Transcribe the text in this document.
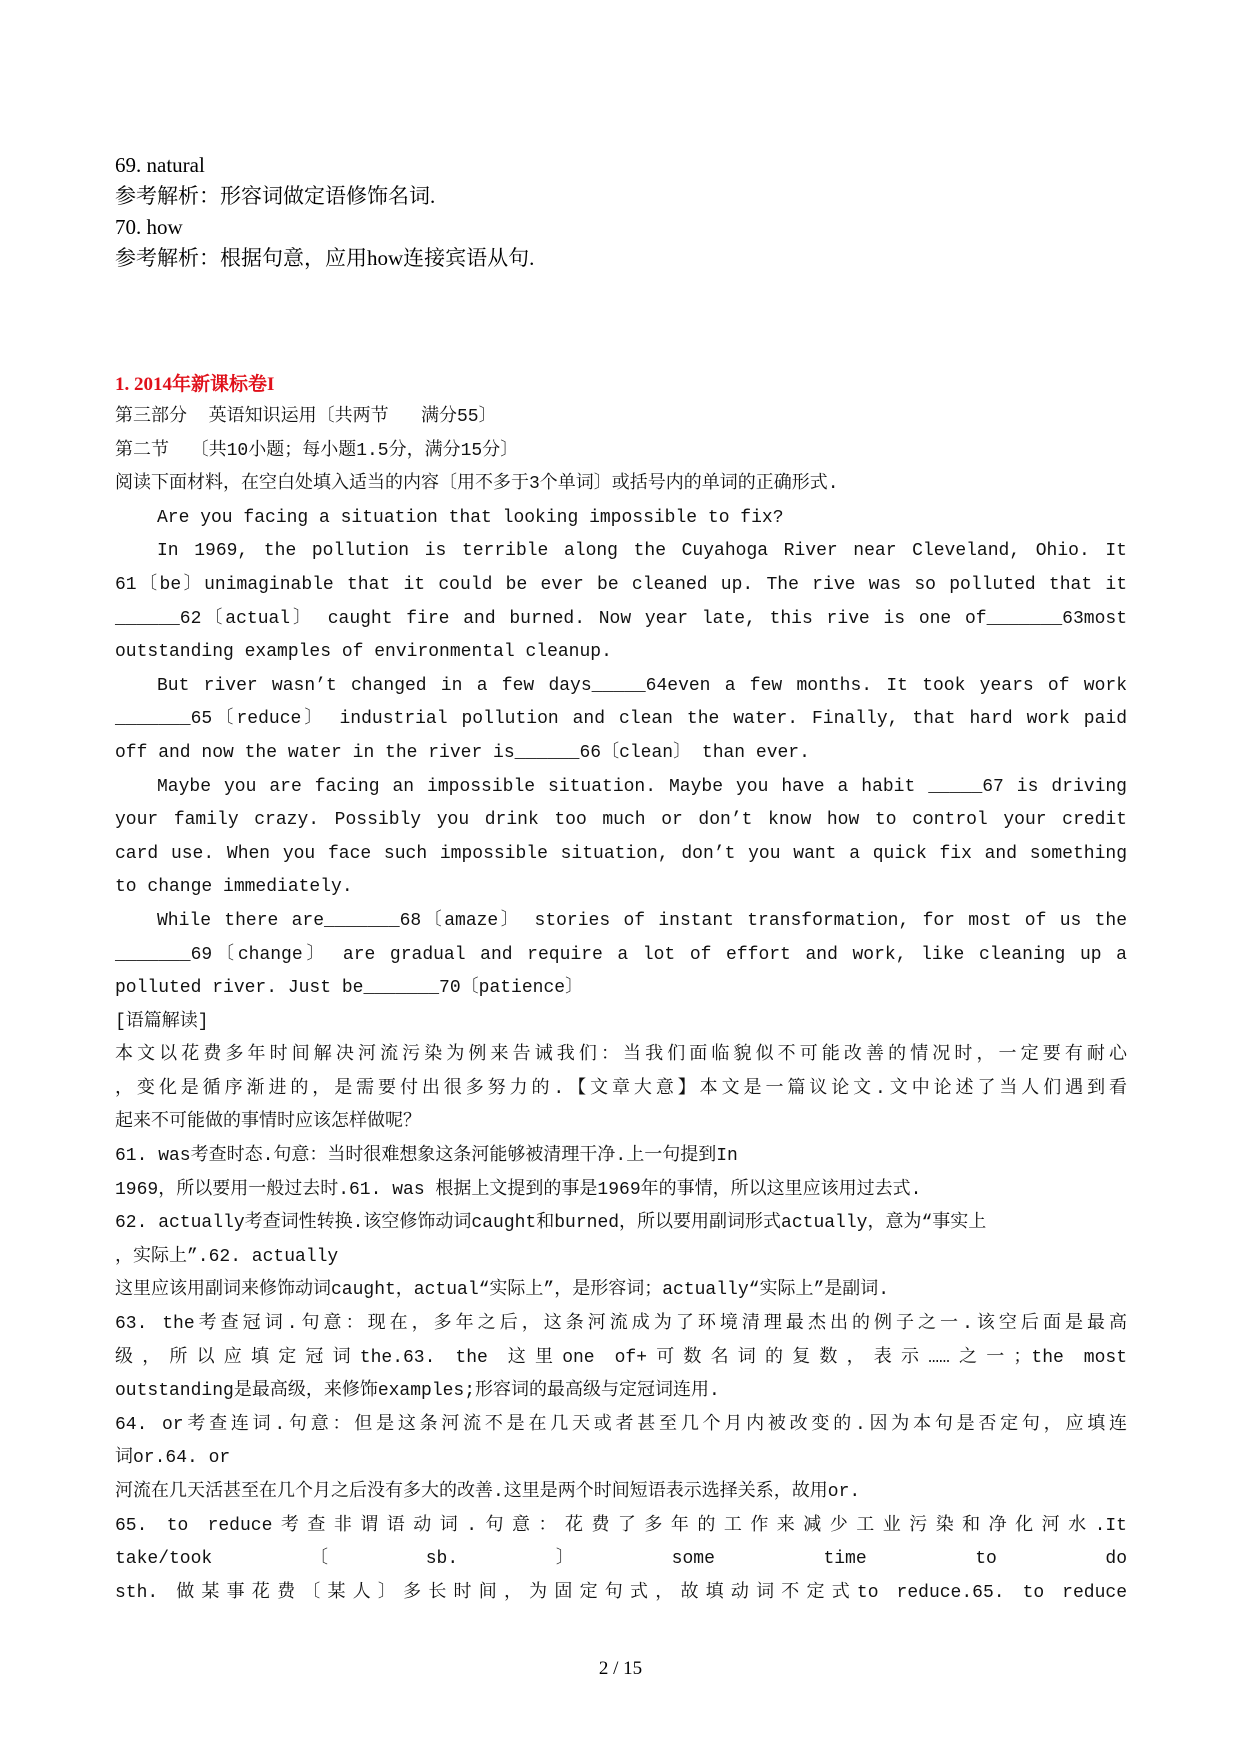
69. natural
参考解析：形容词做定语修饰名词.
70. how
参考解析：根据句意，应用how连接宾语从句.
1. 2014年新课标卷I
第三部分  英语知识运用〔共两节   满分55〕
第二节  〔共10小题；每小题1.5分，满分15分〕
阅读下面材料，在空白处填入适当的内容〔用不多于3个单词〕或括号内的单词的正确形式.
Are you facing a situation that looking impossible to fix?
In 1969, the pollution is terrible along the Cuyahoga River near Cleveland, Ohio. It
61〔be〕unimaginable that it could be ever be cleaned up. The rive was so polluted that it
______62〔actual〕 caught fire and burned. Now year late, this rive is one of_______63most
outstanding examples of environmental cleanup.
But river wasn’t changed in a few days_____64even a few months. It took years of work
_______65〔reduce〕 industrial pollution and clean the water. Finally, that hard work paid
off and now the water in the river is______66〔clean〕 than ever.
Maybe you are facing an impossible situation. Maybe you have a habit _____67 is driving
your family crazy. Possibly you drink too much or don’t know how to control your credit
card use. When you face such impossible situation, don’t you want a quick fix and something
to change immediately.
While there are_______68〔amaze〕 stories of instant transformation, for most of us the
_______69〔change〕 are gradual and require a lot of effort and work, like cleaning up a
polluted river. Just be_______70〔patience〕
[语篇解读]
本文以花费多年时间解决河流污染为例来告诫我们：当我们面临貌似不可能改善的情况时，一定要有耐心
，变化是循序渐进的，是需要付出很多努力的.【文章大意】本文是一篇议论文.文中论述了当人们遇到看
起来不可能做的事情时应该怎样做呢？
61. was考查时态.句意：当时很难想象这条河能够被清理干净.上一句提到In
1969，所以要用一般过去时.61. was 根据上文提到的事是1969年的事情，所以这里应该用过去式.
62. actually考查词性转换.该空修饰动词caught和burned，所以要用副词形式actually，意为“事实上
，实际上”.62. actually
这里应该用副词来修饰动词caught，actual“实际上”，是形容词；actually“实际上”是副词.
63. the考查冠词.句意：现在，多年之后，这条河流成为了环境清理最杰出的例子之一.该空后面是最高
级，所以应填定冠词the.63. the 这里one of+可数名词的复数，表示……之一；the most
outstanding是最高级，来修饰examples;形容词的最高级与定冠词连用.
64. or考查连词.句意：但是这条河流不是在几天或者甚至几个月内被改变的.因为本句是否定句，应填连
词or.64. or
河流在几天活甚至在几个月之后没有多大的改善.这里是两个时间短语表示选择关系，故用or.
65. to reduce考查非谓语动词.句意：花费了多年的工作来减少工业污染和净化河水.It
take/took〔sb.〕some time to do
sth. 做某事花费〔某人〕多长时间，为固定句式，故填动词不定式to reduce.65. to reduce
2 / 15
